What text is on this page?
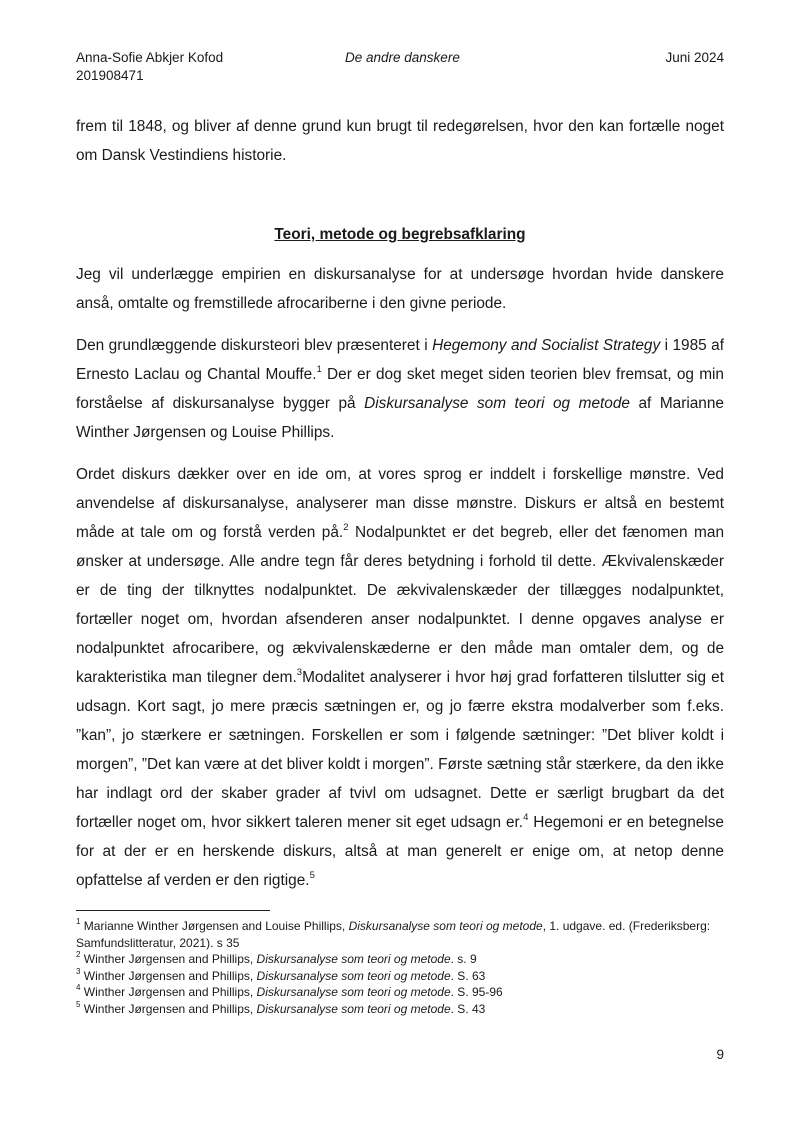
Anna-Sofie Abkjer Kofod
201908471
De andre danskere	Juni 2024

frem til 1848, og bliver af denne grund kun brugt til redegørelsen, hvor den kan fortælle noget om Dansk Vestindiens historie.

Teori, metode og begrebsafklaring

Jeg vil underlægge empirien en diskursanalyse for at undersøge hvordan hvide danskere anså, omtalte og fremstillede afrocariberne i den givne periode.

Den grundlæggende diskursteori blev præsenteret i Hegemony and Socialist Strategy i 1985 af Ernesto Laclau og Chantal Mouffe.$^1$ Der er dog sket meget siden teorien blev fremsat, og min forståelse af diskursanalyse bygger på Diskursanalyse som teori og metode af Marianne Winther Jørgensen og Louise Phillips.

Ordet diskurs dækker over en ide om, at vores sprog er inddelt i forskellige mønstre. Ved anvendelse af diskursanalyse, analyserer man disse mønstre. Diskurs er altså en bestemt måde at tale om og forstå verden på.$^2$ Nodalpunktet er det begreb, eller det fænomen man ønsker at undersøge. Alle andre tegn får deres betydning i forhold til dette. Ækvivalenskæder er de ting der tilknyttes nodalpunktet. De ækvivalenskæder der tillægges nodalpunktet, fortæller noget om, hvordan afsenderen anser nodalpunktet. I denne opgaves analyse er nodalpunktet afrocaribere, og ækvivalenskæderne er den måde man omtaler dem, og de karakteristika man tilegner dem.$^3$Modalitet analyserer i hvor høj grad forfatteren tilslutter sig et udsagn. Kort sagt, jo mere præcis sætningen er, og jo færre ekstra modalverber som f.eks. ”kan”, jo stærkere er sætningen. Forskellen er som i følgende sætninger: ”Det bliver koldt i morgen”, ”Det kan være at det bliver koldt i morgen”. Første sætning står stærkere, da den ikke har indlagt ord der skaber grader af tvivl om udsagnet. Dette er særligt brugbart da det fortæller noget om, hvor sikkert taleren mener sit eget udsagn er.$^4$ Hegemoni er en betegnelse for at der er en herskende diskurs, altså at man generelt er enige om, at netop denne opfattelse af verden er den rigtige.$^5$

$^1$ Marianne Winther Jørgensen and Louise Phillips, Diskursanalyse som teori og metode, 1. udgave. ed. (Frederiksberg: Samfundslitteratur, 2021). s 35
$^2$ Winther Jørgensen and Phillips, Diskursanalyse som teori og metode. s. 9
$^3$ Winther Jørgensen and Phillips, Diskursanalyse som teori og metode. S. 63
$^4$ Winther Jørgensen and Phillips, Diskursanalyse som teori og metode. S. 95-96
$^5$ Winther Jørgensen and Phillips, Diskursanalyse som teori og metode. S. 43
9
